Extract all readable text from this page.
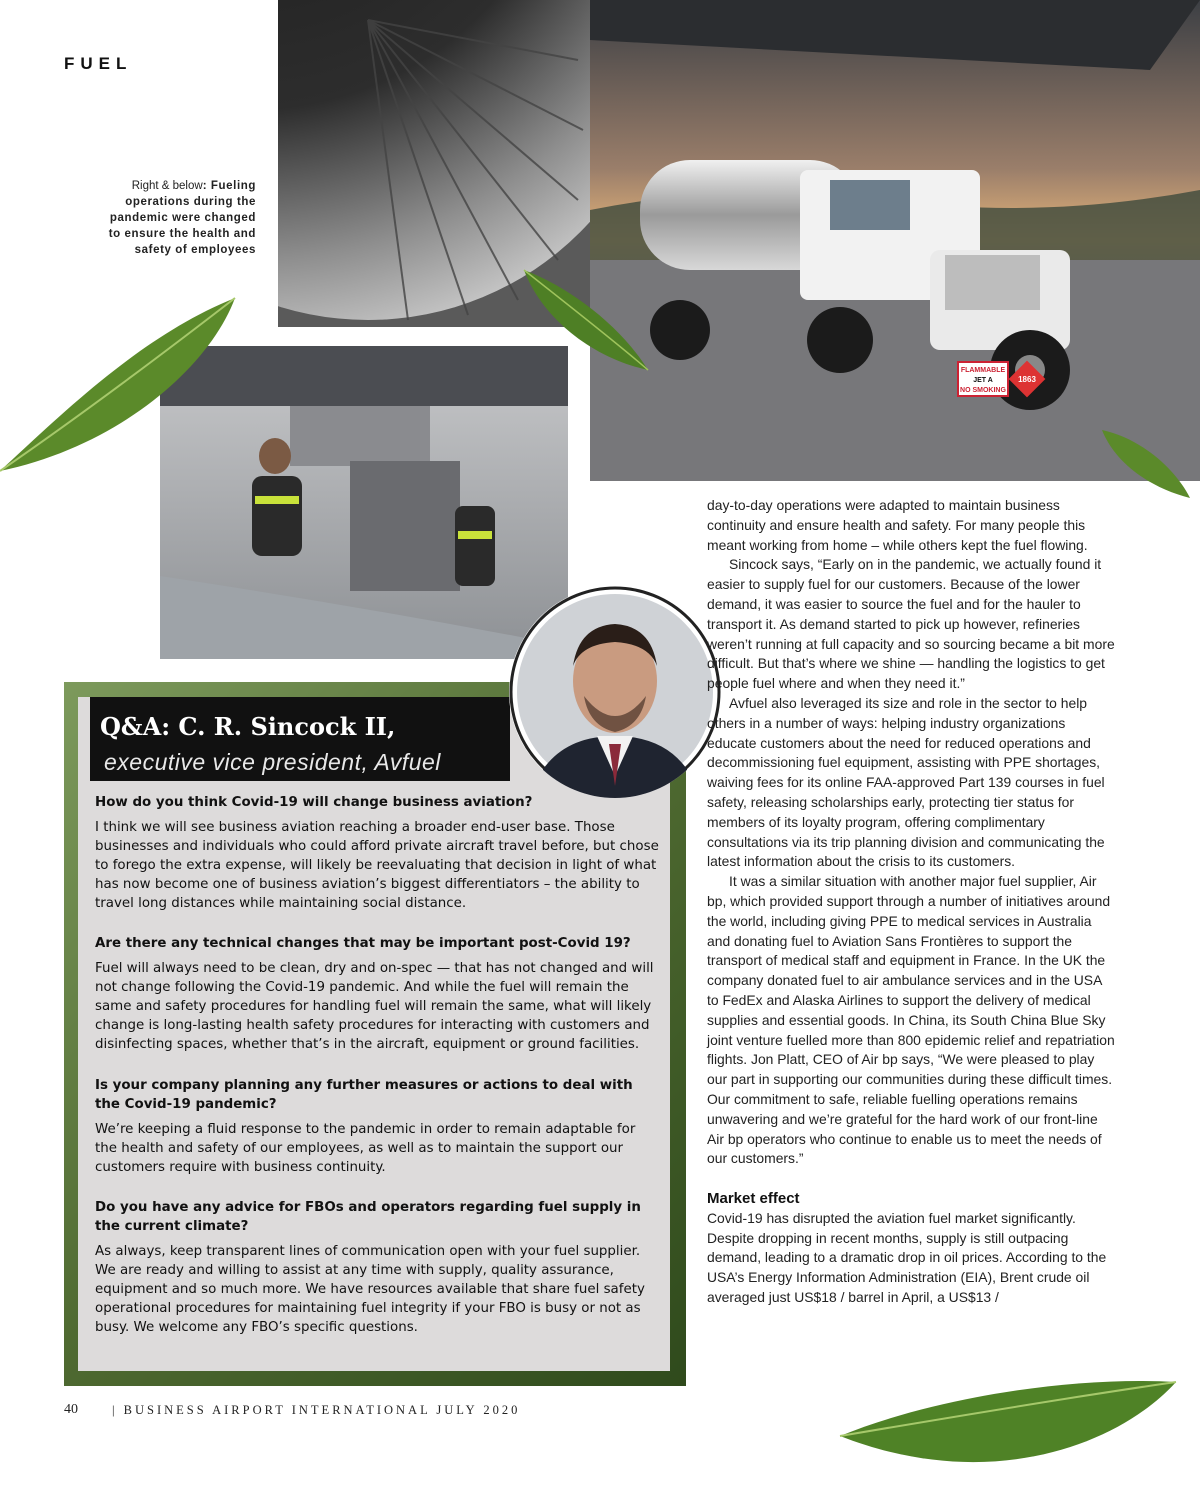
FUEL
Right & below: Fueling operations during the pandemic were changed to ensure the health and safety of employees
FLAMMABLE
JET A
NO SMOKING
1863
Q&A: C. R. Sincock II,
executive vice president, Avfuel
How do you think Covid-19 will change business aviation?
I think we will see business aviation reaching a broader end-user base. Those businesses and individuals who could afford private aircraft travel before, but chose to forego the extra expense, will likely be reevaluating that decision in light of what has now become one of business aviation’s biggest differentiators – the ability to travel long distances while maintaining social distance.
Are there any technical changes that may be important post-Covid 19?
Fuel will always need to be clean, dry and on-spec — that has not changed and will not change following the Covid-19 pandemic. And while the fuel will remain the same and safety procedures for handling fuel will remain the same, what will likely change is long-lasting health safety procedures for interacting with customers and disinfecting spaces, whether that’s in the aircraft, equipment or ground facilities.
Is your company planning any further measures or actions to deal with the Covid-19 pandemic?
We’re keeping a fluid response to the pandemic in order to remain adaptable for the health and safety of our employees, as well as to maintain the support our customers require with business continuity.
Do you have any advice for FBOs and operators regarding fuel supply in the current climate?
As always, keep transparent lines of communication open with your fuel supplier. We are ready and willing to assist at any time with supply, quality assurance, equipment and so much more. We have resources available that share fuel safety operational procedures for maintaining fuel integrity if your FBO is busy or not as busy. We welcome any FBO’s specific questions.

day-to-day operations were adapted to maintain business continuity and ensure health and safety. For many people this meant working from home – while others kept the fuel flowing.

Sincock says, “Early on in the pandemic, we actually found it easier to supply fuel for our customers. Because of the lower demand, it was easier to source the fuel and for the hauler to transport it. As demand started to pick up however, refineries weren’t running at full capacity and so sourcing became a bit more difficult. But that’s where we shine — handling the logistics to get people fuel where and when they need it.”

Avfuel also leveraged its size and role in the sector to help others in a number of ways: helping industry organizations educate customers about the need for reduced operations and decommissioning fuel equipment, assisting with PPE shortages, waiving fees for its online FAA-approved Part 139 courses in fuel safety, releasing scholarships early, protecting tier status for members of its loyalty program, offering complimentary consultations via its trip planning division and communicating the latest information about the crisis to its customers.

It was a similar situation with another major fuel supplier, Air bp, which provided support through a number of initiatives around the world, including giving PPE to medical services in Australia and donating fuel to Aviation Sans Frontières to support the transport of medical staff and equipment in France. In the UK the company donated fuel to air ambulance services and in the USA to FedEx and Alaska Airlines to support the delivery of medical supplies and essential goods. In China, its South China Blue Sky joint venture fuelled more than 800 epidemic relief and repatriation flights. Jon Platt, CEO of Air bp says, “We were pleased to play our part in supporting our communities during these difficult times. Our commitment to safe, reliable fuelling operations remains unwavering and we’re grateful for the hard work of our front-line Air bp operators who continue to enable us to meet the needs of our customers.”

Market effect

Covid-19 has disrupted the aviation fuel market significantly. Despite dropping in recent months, supply is still outpacing demand, leading to a dramatic drop in oil prices. According to the USA’s Energy Information Administration (EIA), Brent crude oil averaged just US$18 / barrel in April, a US$13 /

40	| BUSINESS AIRPORT INTERNATIONAL JULY 2020
